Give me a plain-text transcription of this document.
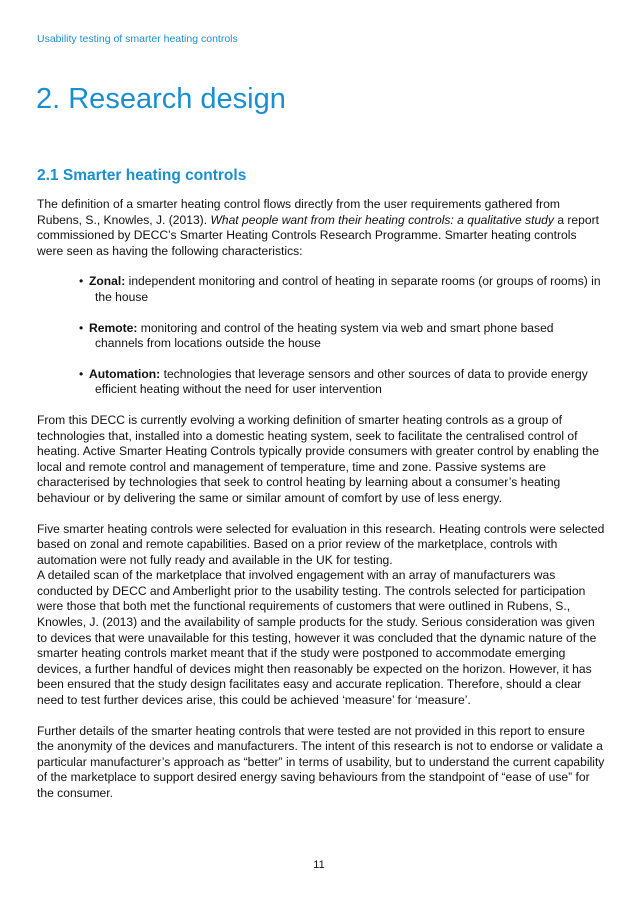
Usability testing of smarter heating controls
2. Research design
2.1 Smarter heating controls

The definition of a smarter heating control flows directly from the user requirements gathered from Rubens, S., Knowles, J. (2013). What people want from their heating controls: a qualitative study a report commissioned by DECC’s Smarter Heating Controls Research Programme. Smarter heating controls were seen as having the following characteristics:

• Zonal: independent monitoring and control of heating in separate rooms (or groups of rooms) in the house
• Remote: monitoring and control of the heating system via web and smart phone based channels from locations outside the house
• Automation: technologies that leverage sensors and other sources of data to provide energy efficient heating without the need for user intervention

From this DECC is currently evolving a working definition of smarter heating controls as a group of technologies that, installed into a domestic heating system, seek to facilitate the centralised control of heating. Active Smarter Heating Controls typically provide consumers with greater control by enabling the local and remote control and management of temperature, time and zone. Passive systems are characterised by technologies that seek to control heating by learning about a consumer’s heating behaviour or by delivering the same or similar amount of comfort by use of less energy.

Five smarter heating controls were selected for evaluation in this research. Heating controls were selected based on zonal and remote capabilities. Based on a prior review of the marketplace, controls with automation were not fully ready and available in the UK for testing.

A detailed scan of the marketplace that involved engagement with an array of manufacturers was conducted by DECC and Amberlight prior to the usability testing. The controls selected for participation were those that both met the functional requirements of customers that were outlined in Rubens, S., Knowles, J. (2013) and the availability of sample products for the study. Serious consideration was given to devices that were unavailable for this testing, however it was concluded that the dynamic nature of the smarter heating controls market meant that if the study were postponed to accommodate emerging devices, a further handful of devices might then reasonably be expected on the horizon. However, it has been ensured that the study design facilitates easy and accurate replication. Therefore, should a clear need to test further devices arise, this could be achieved ‘measure’ for ‘measure’.

Further details of the smarter heating controls that were tested are not provided in this report to ensure the anonymity of the devices and manufacturers. The intent of this research is not to endorse or validate a particular manufacturer’s approach as “better” in terms of usability, but to understand the current capability of the marketplace to support desired energy saving behaviours from the standpoint of “ease of use” for the consumer.

11
